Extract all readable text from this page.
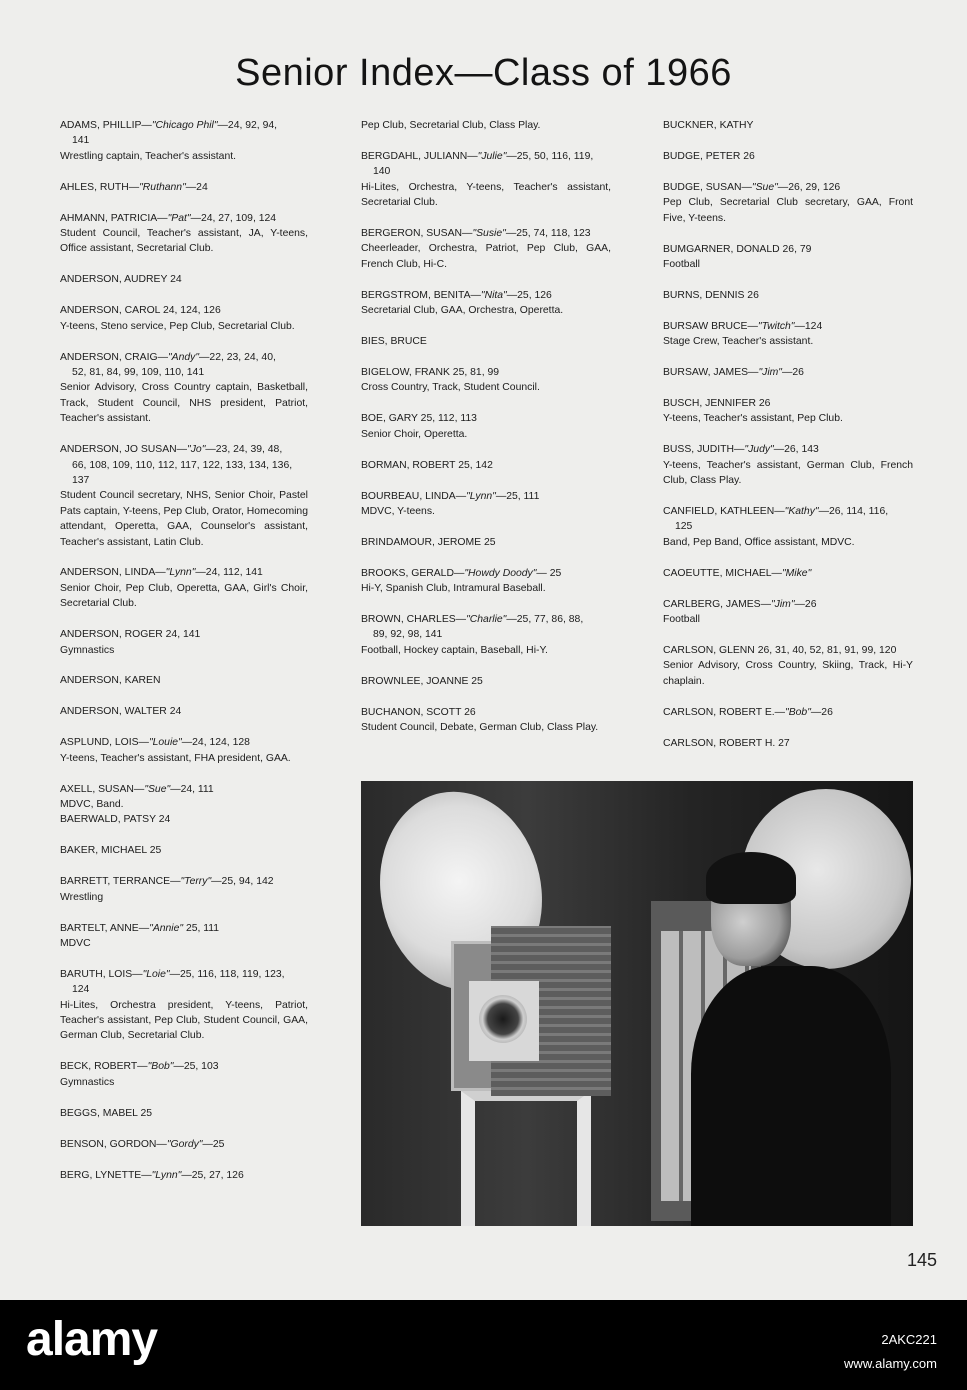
Senior Index—Class of 1966
ADAMS, PHILLIP—"Chicago Phil"—24, 92, 94,
141
Wrestling captain, Teacher's assistant.
AHLES, RUTH—"Ruthann"—24
AHMANN, PATRICIA—"Pat"—24, 27, 109, 124
Student Council, Teacher's assistant, JA, Y-teens, Office assistant, Secretarial Club.
ANDERSON, AUDREY 24
ANDERSON, CAROL 24, 124, 126
Y-teens, Steno service, Pep Club, Secretarial Club.
ANDERSON, CRAIG—"Andy"—22, 23, 24, 40,
52, 81, 84, 99, 109, 110, 141
Senior Advisory, Cross Country captain, Basketball, Track, Student Council, NHS president, Patriot, Teacher's assistant.
ANDERSON, JO SUSAN—"Jo"—23, 24, 39, 48,
66, 108, 109, 110, 112, 117, 122, 133, 134, 136, 137
Student Council secretary, NHS, Senior Choir, Pastel Pats captain, Y-teens, Pep Club, Orator, Homecoming attendant, Operetta, GAA, Counselor's assistant, Teacher's assistant, Latin Club.
ANDERSON, LINDA—"Lynn"—24, 112, 141
Senior Choir, Pep Club, Operetta, GAA, Girl's Choir, Secretarial Club.
ANDERSON, ROGER 24, 141
Gymnastics
ANDERSON, KAREN
ANDERSON, WALTER 24
ASPLUND, LOIS—"Louie"—24, 124, 128
Y-teens, Teacher's assistant, FHA president, GAA.
AXELL, SUSAN—"Sue"—24, 111
MDVC, Band.
BAERWALD, PATSY 24
BAKER, MICHAEL 25
BARRETT, TERRANCE—"Terry"—25, 94, 142
Wrestling
BARTELT, ANNE—"Annie" 25, 111
MDVC
BARUTH, LOIS—"Loie"—25, 116, 118, 119, 123,
124
Hi-Lites, Orchestra president, Y-teens, Patriot, Teacher's assistant, Pep Club, Student Council, GAA, German Club, Secretarial Club.
BECK, ROBERT—"Bob"—25, 103
Gymnastics
BEGGS, MABEL 25
BENSON, GORDON—"Gordy"—25
BERG, LYNETTE—"Lynn"—25, 27, 126
Pep Club, Secretarial Club, Class Play.
BERGDAHL, JULIANN—"Julie"—25, 50, 116, 119,
140
Hi-Lites, Orchestra, Y-teens, Teacher's assistant, Secretarial Club.
BERGERON, SUSAN—"Susie"—25, 74, 118, 123
Cheerleader, Orchestra, Patriot, Pep Club, GAA, French Club, Hi-C.
BERGSTROM, BENITA—"Nita"—25, 126
Secretarial Club, GAA, Orchestra, Operetta.
BIES, BRUCE
BIGELOW, FRANK 25, 81, 99
Cross Country, Track, Student Council.
BOE, GARY 25, 112, 113
Senior Choir, Operetta.
BORMAN, ROBERT 25, 142
BOURBEAU, LINDA—"Lynn"—25, 111
MDVC, Y-teens.
BRINDAMOUR, JEROME 25
BROOKS, GERALD—"Howdy Doody"— 25
Hi-Y, Spanish Club, Intramural Baseball.
BROWN, CHARLES—"Charlie"—25, 77, 86, 88,
89, 92, 98, 141
Football, Hockey captain, Baseball, Hi-Y.
BROWNLEE, JOANNE 25
BUCHANON, SCOTT 26
Student Council, Debate, German Club, Class Play.
BUCKNER, KATHY
BUDGE, PETER 26
BUDGE, SUSAN—"Sue"—26, 29, 126
Pep Club, Secretarial Club secretary, GAA, Front Five, Y-teens.
BUMGARNER, DONALD 26, 79
Football
BURNS, DENNIS 26
BURSAW BRUCE—"Twitch"—124
Stage Crew, Teacher's assistant.
BURSAW, JAMES—"Jim"—26
BUSCH, JENNIFER 26
Y-teens, Teacher's assistant, Pep Club.
BUSS, JUDITH—"Judy"—26, 143
Y-teens, Teacher's assistant, German Club, French Club, Class Play.
CANFIELD, KATHLEEN—"Kathy"—26, 114, 116,
125
Band, Pep Band, Office assistant, MDVC.
CAOEUTTE, MICHAEL—"Mike"
CARLBERG, JAMES—"Jim"—26
Football
CARLSON, GLENN 26, 31, 40, 52, 81, 91, 99, 120
Senior Advisory, Cross Country, Skiing, Track, Hi-Y chaplain.
CARLSON, ROBERT E.—"Bob"—26
CARLSON, ROBERT H. 27
145
alamy	2AKC221
www.alamy.com
